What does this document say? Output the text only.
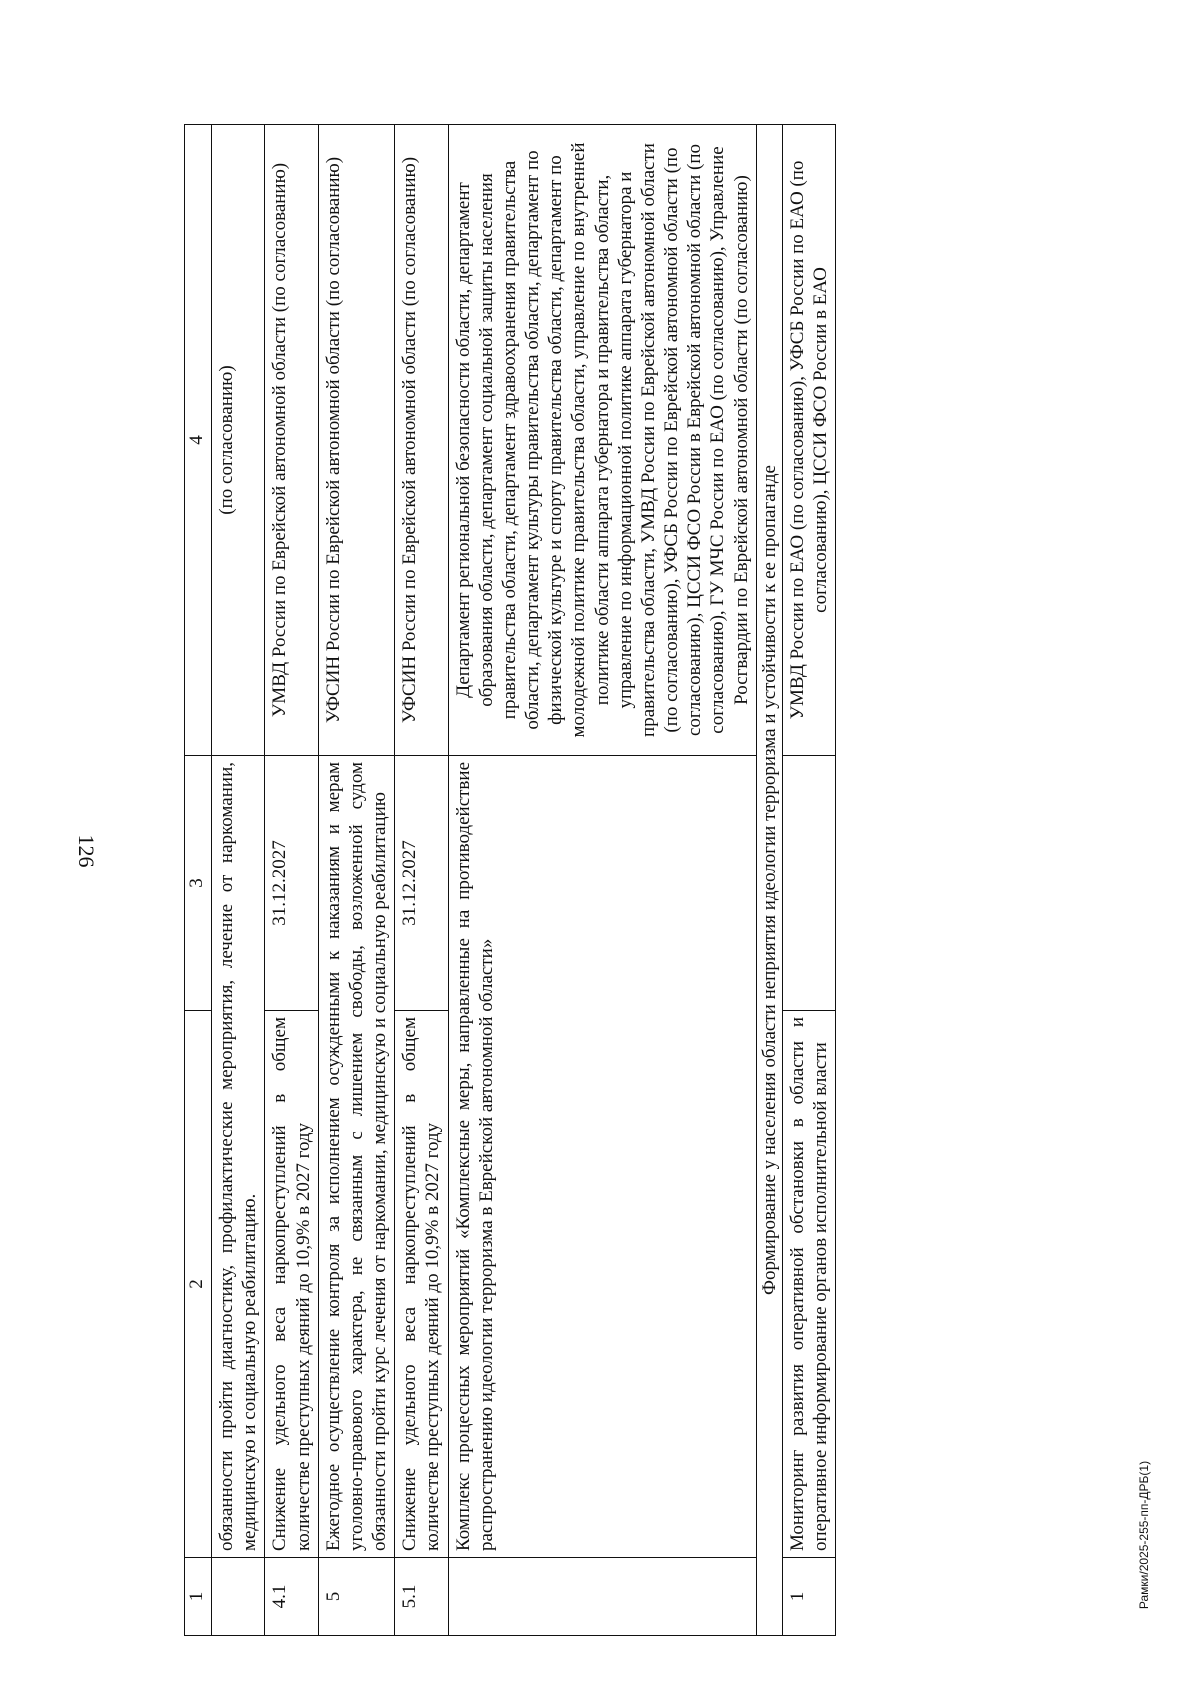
126
Рамки/2025-255-пп-ДРБ(1)
1	2	3	4
	обязанности пройти диагностику, профилактические мероприятия, лечение от наркомании, медицинскую и социальную реабилитацию.		(по согласованию)
4.1	Снижение удельного веса наркопреступлений в общем количестве преступных деяний до 10,9% в 2027 году	31.12.2027	УМВД России по Еврейской автономной области (по согласованию)
5	Ежегодное осуществление контроля за исполнением осужденными к наказаниям и мерам уголовно-правового характера, не связанным с лишением свободы, возложенной судом обязанности пройти курс лечения от наркомании, медицинскую и социальную реабилитацию		УФСИН России по Еврейской автономной области (по согласованию)
5.1	Снижение удельного веса наркопреступлений в общем количестве преступных деяний до 10,9% в 2027 году	31.12.2027	УФСИН России по Еврейской автономной области (по согласованию)
	Комплекс процессных мероприятий «Комплексные меры, направленные на противодействие распространению идеологии терроризма в Еврейской автономной области»		Департамент региональной безопасности области, департамент образования области, департамент социальной защиты населения правительства области, департамент здравоохранения правительства области, департамент культуры правительства области, департамент по физической культуре и спорту правительства области, департамент по молодежной политике правительства области, управление по внутренней политике области аппарата губернатора и правительства области, управление по информационной политике аппарата губернатора и правительства области, УМВД России по Еврейской автономной области (по согласованию), УФСБ России по Еврейской автономной области (по согласованию), ЦССИ ФСО России в Еврейской автономной области (по согласованию), ГУ МЧС России по ЕАО (по согласованию), Управление Росгвардии по Еврейской автономной области (по согласованию)
Формирование у населения области неприятия идеологии терроризма и устойчивости к ее пропаганде			
1	Мониторинг развития оперативной обстановки в области и оперативное информирование органов исполнительной власти		УМВД России по ЕАО (по согласованию), УФСБ России по ЕАО (по согласованию), ЦССИ ФСО России в ЕАО
